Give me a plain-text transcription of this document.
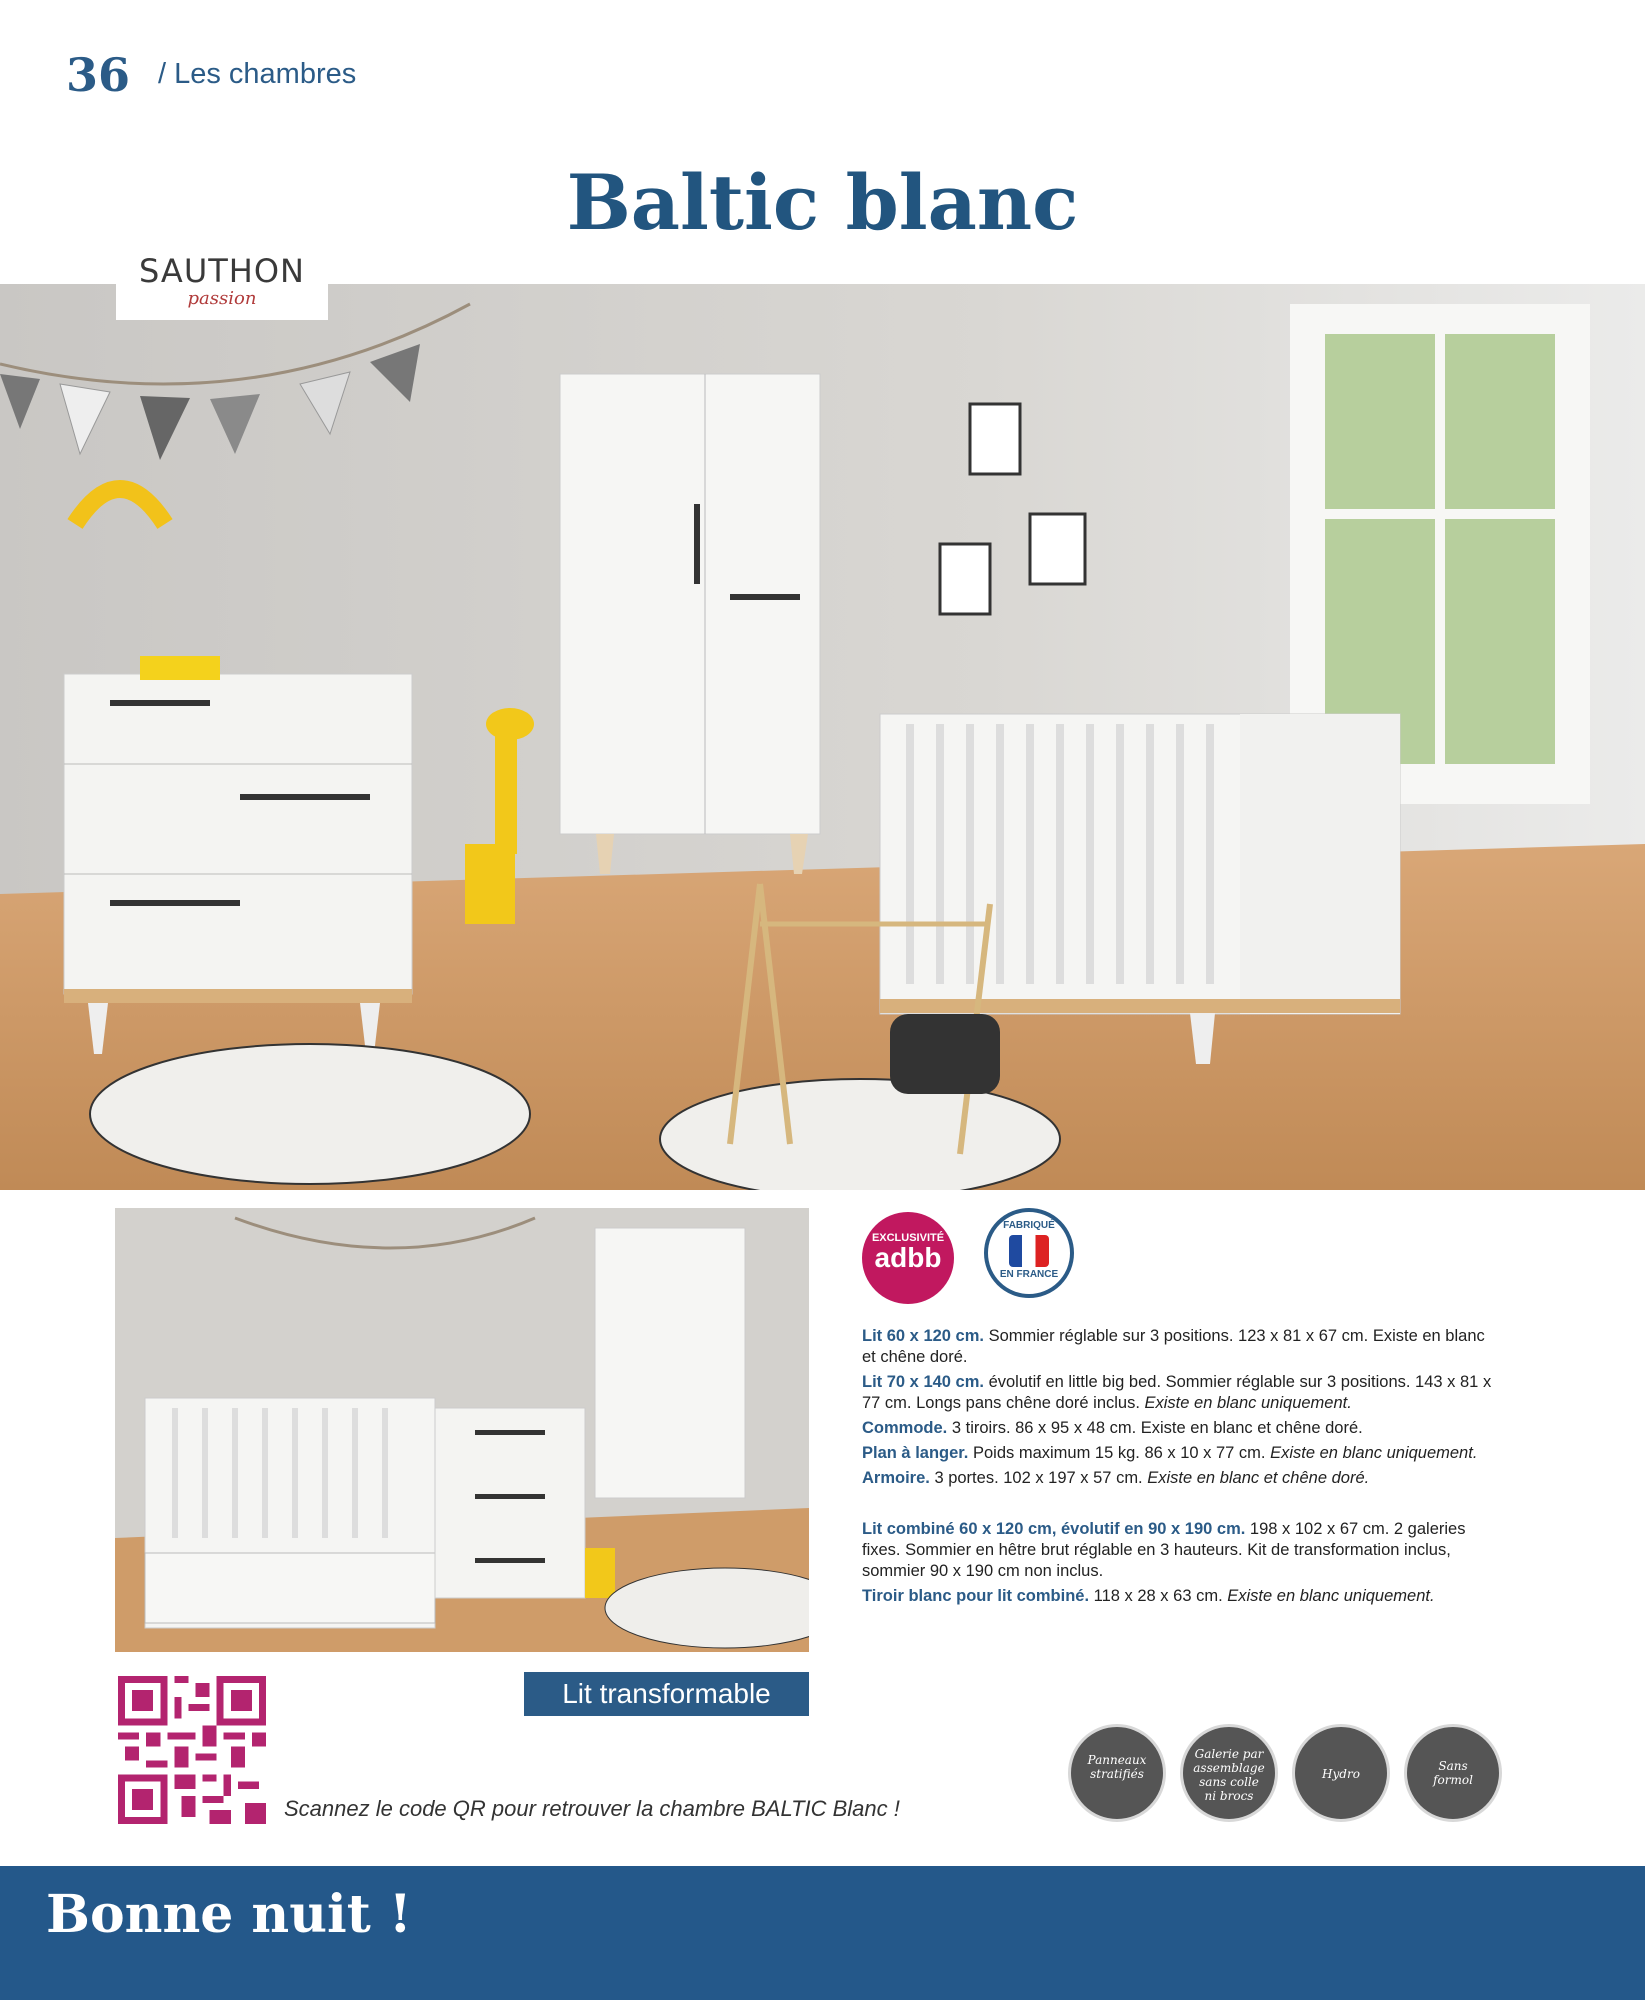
36 / Les chambres
Baltic blanc
SAUTHON
passion
Lit transformable
EXCLUSIVITÉ
adbb
FABRIQUÉ
EN FRANCE

Lit 60 x 120 cm. Sommier réglable sur 3 positions. 123 x 81 x 67 cm. Existe en blanc et chêne doré.

Lit 70 x 140 cm. évolutif en little big bed. Sommier réglable sur 3 positions. 143 x 81 x 77 cm. Longs pans chêne doré inclus. Existe en blanc uniquement.

Commode. 3 tiroirs. 86 x 95 x 48 cm. Existe en blanc et chêne doré.

Plan à langer. Poids maximum 15 kg. 86 x 10 x 77 cm. Existe en blanc uniquement.

Armoire. 3 portes. 102 x 197 x 57 cm. Existe en blanc et chêne doré.

Lit combiné 60 x 120 cm, évolutif en 90 x 190 cm. 198 x 102 x 67 cm. 2 galeries fixes. Sommier en hêtre brut réglable en 3 hauteurs. Kit de transformation inclus, sommier 90 x 190 cm non inclus.

Tiroir blanc pour lit combiné. 118 x 28 x 63 cm. Existe en blanc uniquement.

Scannez le code QR pour retrouver la chambre BALTIC Blanc !
Panneaux
stratifiés
Galerie par
assemblage sans colle ni brocs
Hydro
Sans
formol
Bonne nuit !
